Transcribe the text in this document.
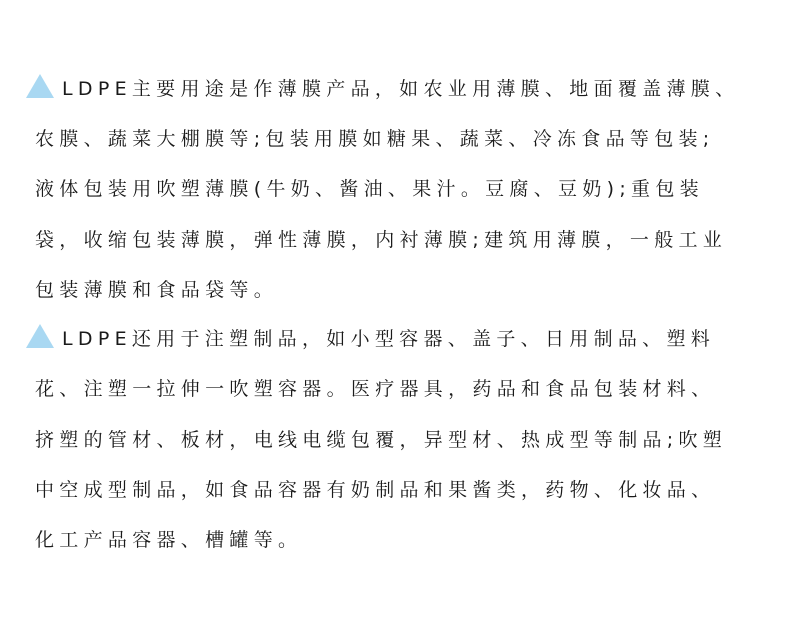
LDPE主要用途是作薄膜产品，如农业用薄膜、地面覆盖薄膜、
农膜、蔬菜大棚膜等;包装用膜如糖果、蔬菜、冷冻食品等包装;
液体包装用吹塑薄膜(牛奶、酱油、果汁。豆腐、豆奶);重包装
袋，收缩包装薄膜，弹性薄膜，内衬薄膜;建筑用薄膜，一般工业
包装薄膜和食品袋等。
LDPE还用于注塑制品，如小型容器、盖子、日用制品、塑料
花、注塑一拉伸一吹塑容器。医疗器具，药品和食品包装材料、
挤塑的管材、板材，电线电缆包覆，异型材、热成型等制品;吹塑
中空成型制品，如食品容器有奶制品和果酱类，药物、化妆品、
化工产品容器、槽罐等。
